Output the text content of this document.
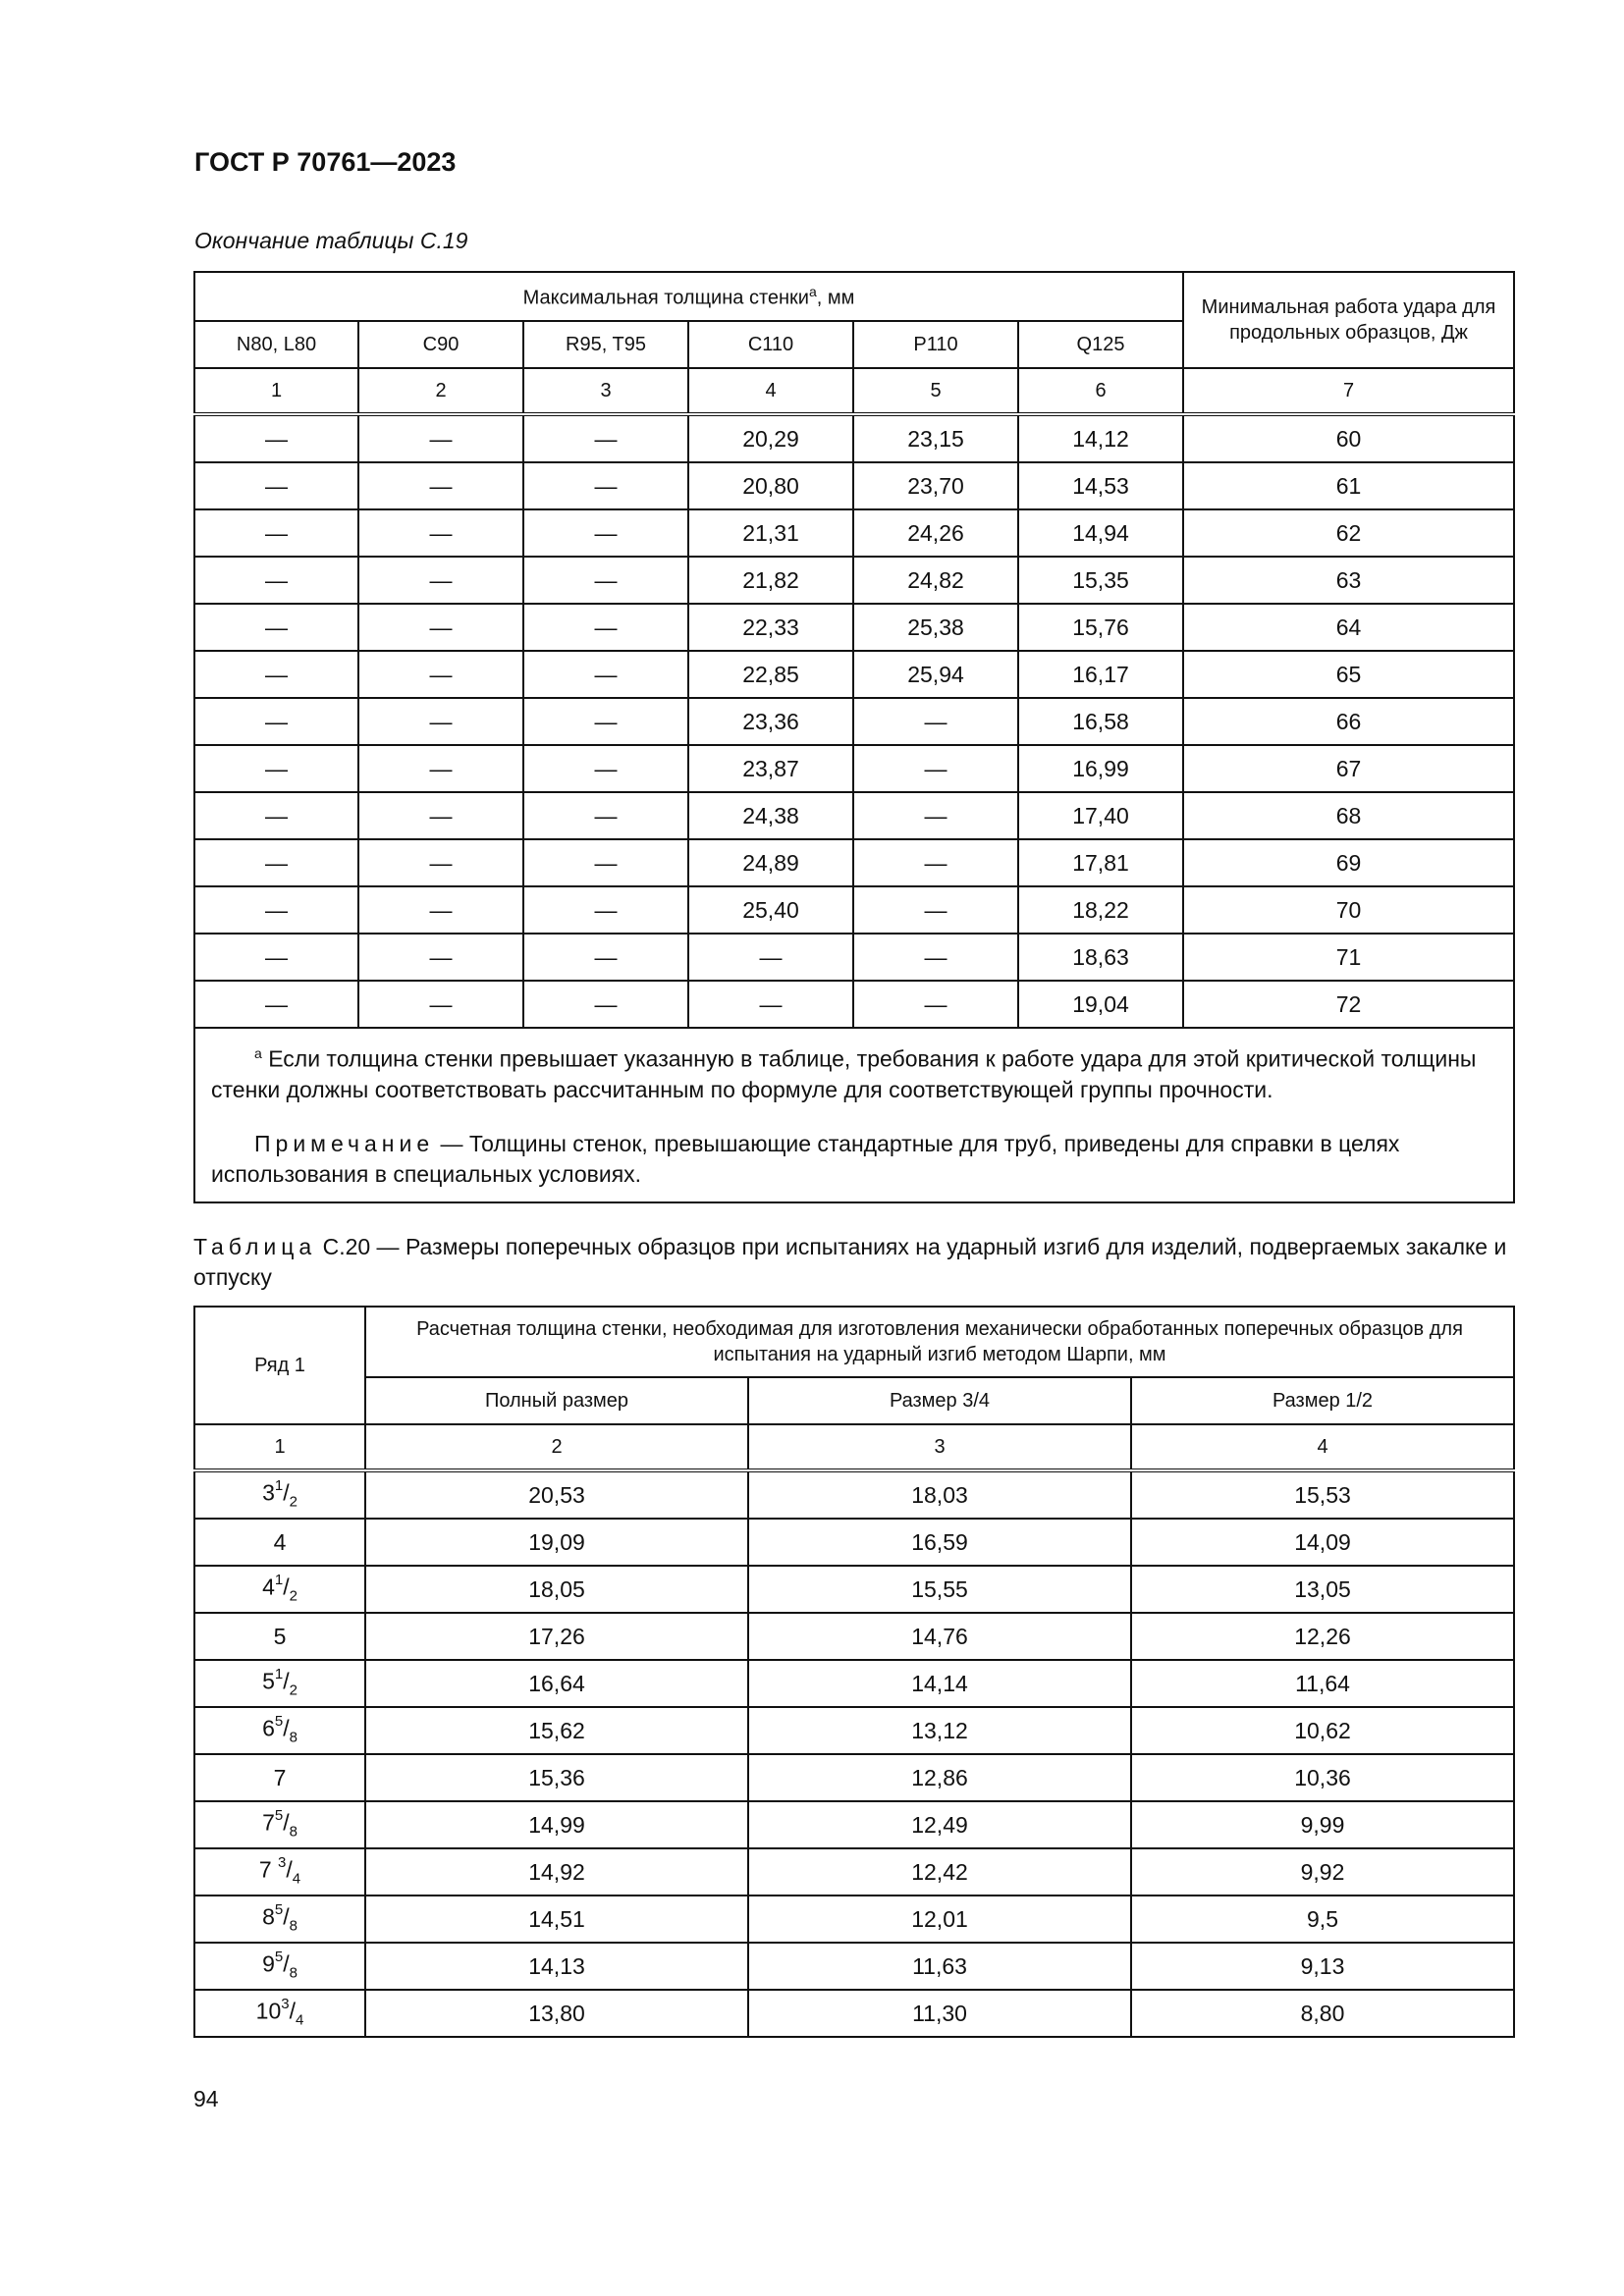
ГОСТ Р 70761—2023
Окончание таблицы С.19
Максимальная толщина стенки$^a$, мм						Минимальная работа удара для продольных образцов, Дж
N80, L80	C90	R95, T95	C110	P110	Q125	
1	2	3	4	5	6	7
—	—	—	20,29	23,15	14,12	60
—	—	—	20,80	23,70	14,53	61
—	—	—	21,31	24,26	14,94	62
—	—	—	21,82	24,82	15,35	63
—	—	—	22,33	25,38	15,76	64
—	—	—	22,85	25,94	16,17	65
—	—	—	23,36	—	16,58	66
—	—	—	23,87	—	16,99	67
—	—	—	24,38	—	17,40	68
—	—	—	24,89	—	17,81	69
—	—	—	25,40	—	18,22	70
—	—	—	—	—	18,63	71
—	—	—	—	—	19,04	72

$^a$ Если толщина стенки превышает указанную в таблице, требования к работе удара для этой критической толщины стенки должны соответствовать рассчитанным по формуле для соответствующей группы прочности.

Примечание — Толщины стенок, превышающие стандартные для труб, приведены для справки в целях использования в специальных условиях.						

Таблица С.20 — Размеры поперечных образцов при испытаниях на ударный изгиб для изделий, подвергаемых закалке и отпуску
Ряд 1	Расчетная толщина стенки, необходимая для изготовления механически обработанных поперечных образцов для испытания на ударный изгиб методом Шарпи, мм		
	Полный размер	Размер 3/4	Размер 1/2
1	2	3	4
$3^1/_2$	20,53	18,03	15,53
4	19,09	16,59	14,09
$4^1/_2$	18,05	15,55	13,05
5	17,26	14,76	12,26
$5^1/_2$	16,64	14,14	11,64
$6^5/_8$	15,62	13,12	10,62
7	15,36	12,86	10,36
$7^5/_8$	14,99	12,49	9,99
7 $^3/_4$	14,92	12,42	9,92
$8^5/_8$	14,51	12,01	9,5
$9^5/_8$	14,13	11,63	9,13
$10^3/_4$	13,80	11,30	8,80
94
